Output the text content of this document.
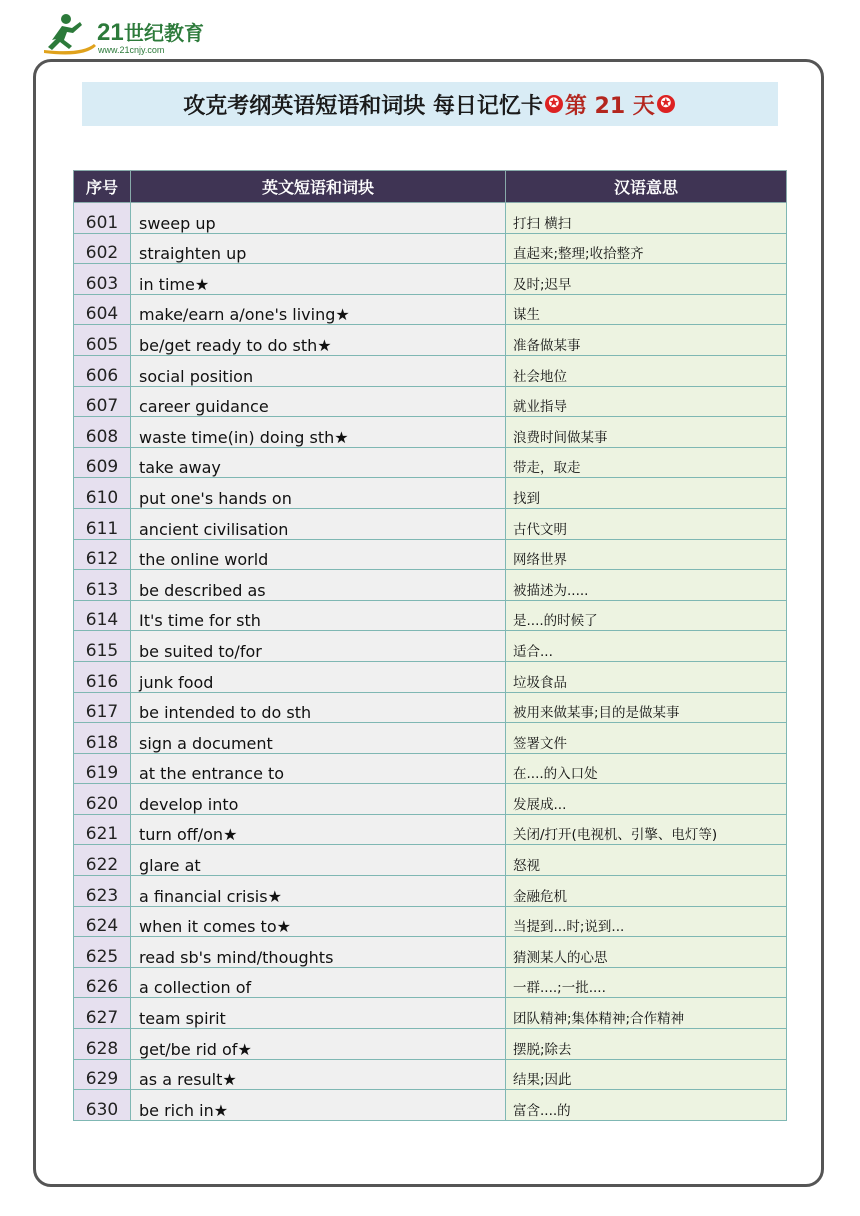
21 世纪教育
www.21cnjy.com
攻克考纲英语短语和词块 每日记忆卡 ✪ 第 21 天 ✪
序号	英文短语和词块	汉语意思
601	sweep up	打扫 横扫
602	straighten up	直起来;整理;收拾整齐
603	in time★	及时;迟早
604	make/earn a/one's living★	谋生
605	be/get ready to do sth★	准备做某事
606	social position	社会地位
607	career guidance	就业指导
608	waste time(in) doing sth★	浪费时间做某事
609	take away	带走，取走
610	put one's hands on	找到
611	ancient civilisation	古代文明
612	the online world	网络世界
613	be described as	被描述为.....
614	It's time for sth	是....的时候了
615	be suited to/for	适合...
616	junk food	垃圾食品
617	be intended to do sth	被用来做某事;目的是做某事
618	sign a document	签署文件
619	at the entrance to	在....的入口处
620	develop into	发展成...
621	turn off/on★	关闭/打开(电视机、引擎、电灯等)
622	glare at	怒视
623	a financial crisis★	金融危机
624	when it comes to★	当提到...时;说到...
625	read sb's mind/thoughts	猜测某人的心思
626	a collection of	一群....;一批....
627	team spirit	团队精神;集体精神;合作精神
628	get/be rid of★	摆脱;除去
629	as a result★	结果;因此
630	be rich in★	富含....的
